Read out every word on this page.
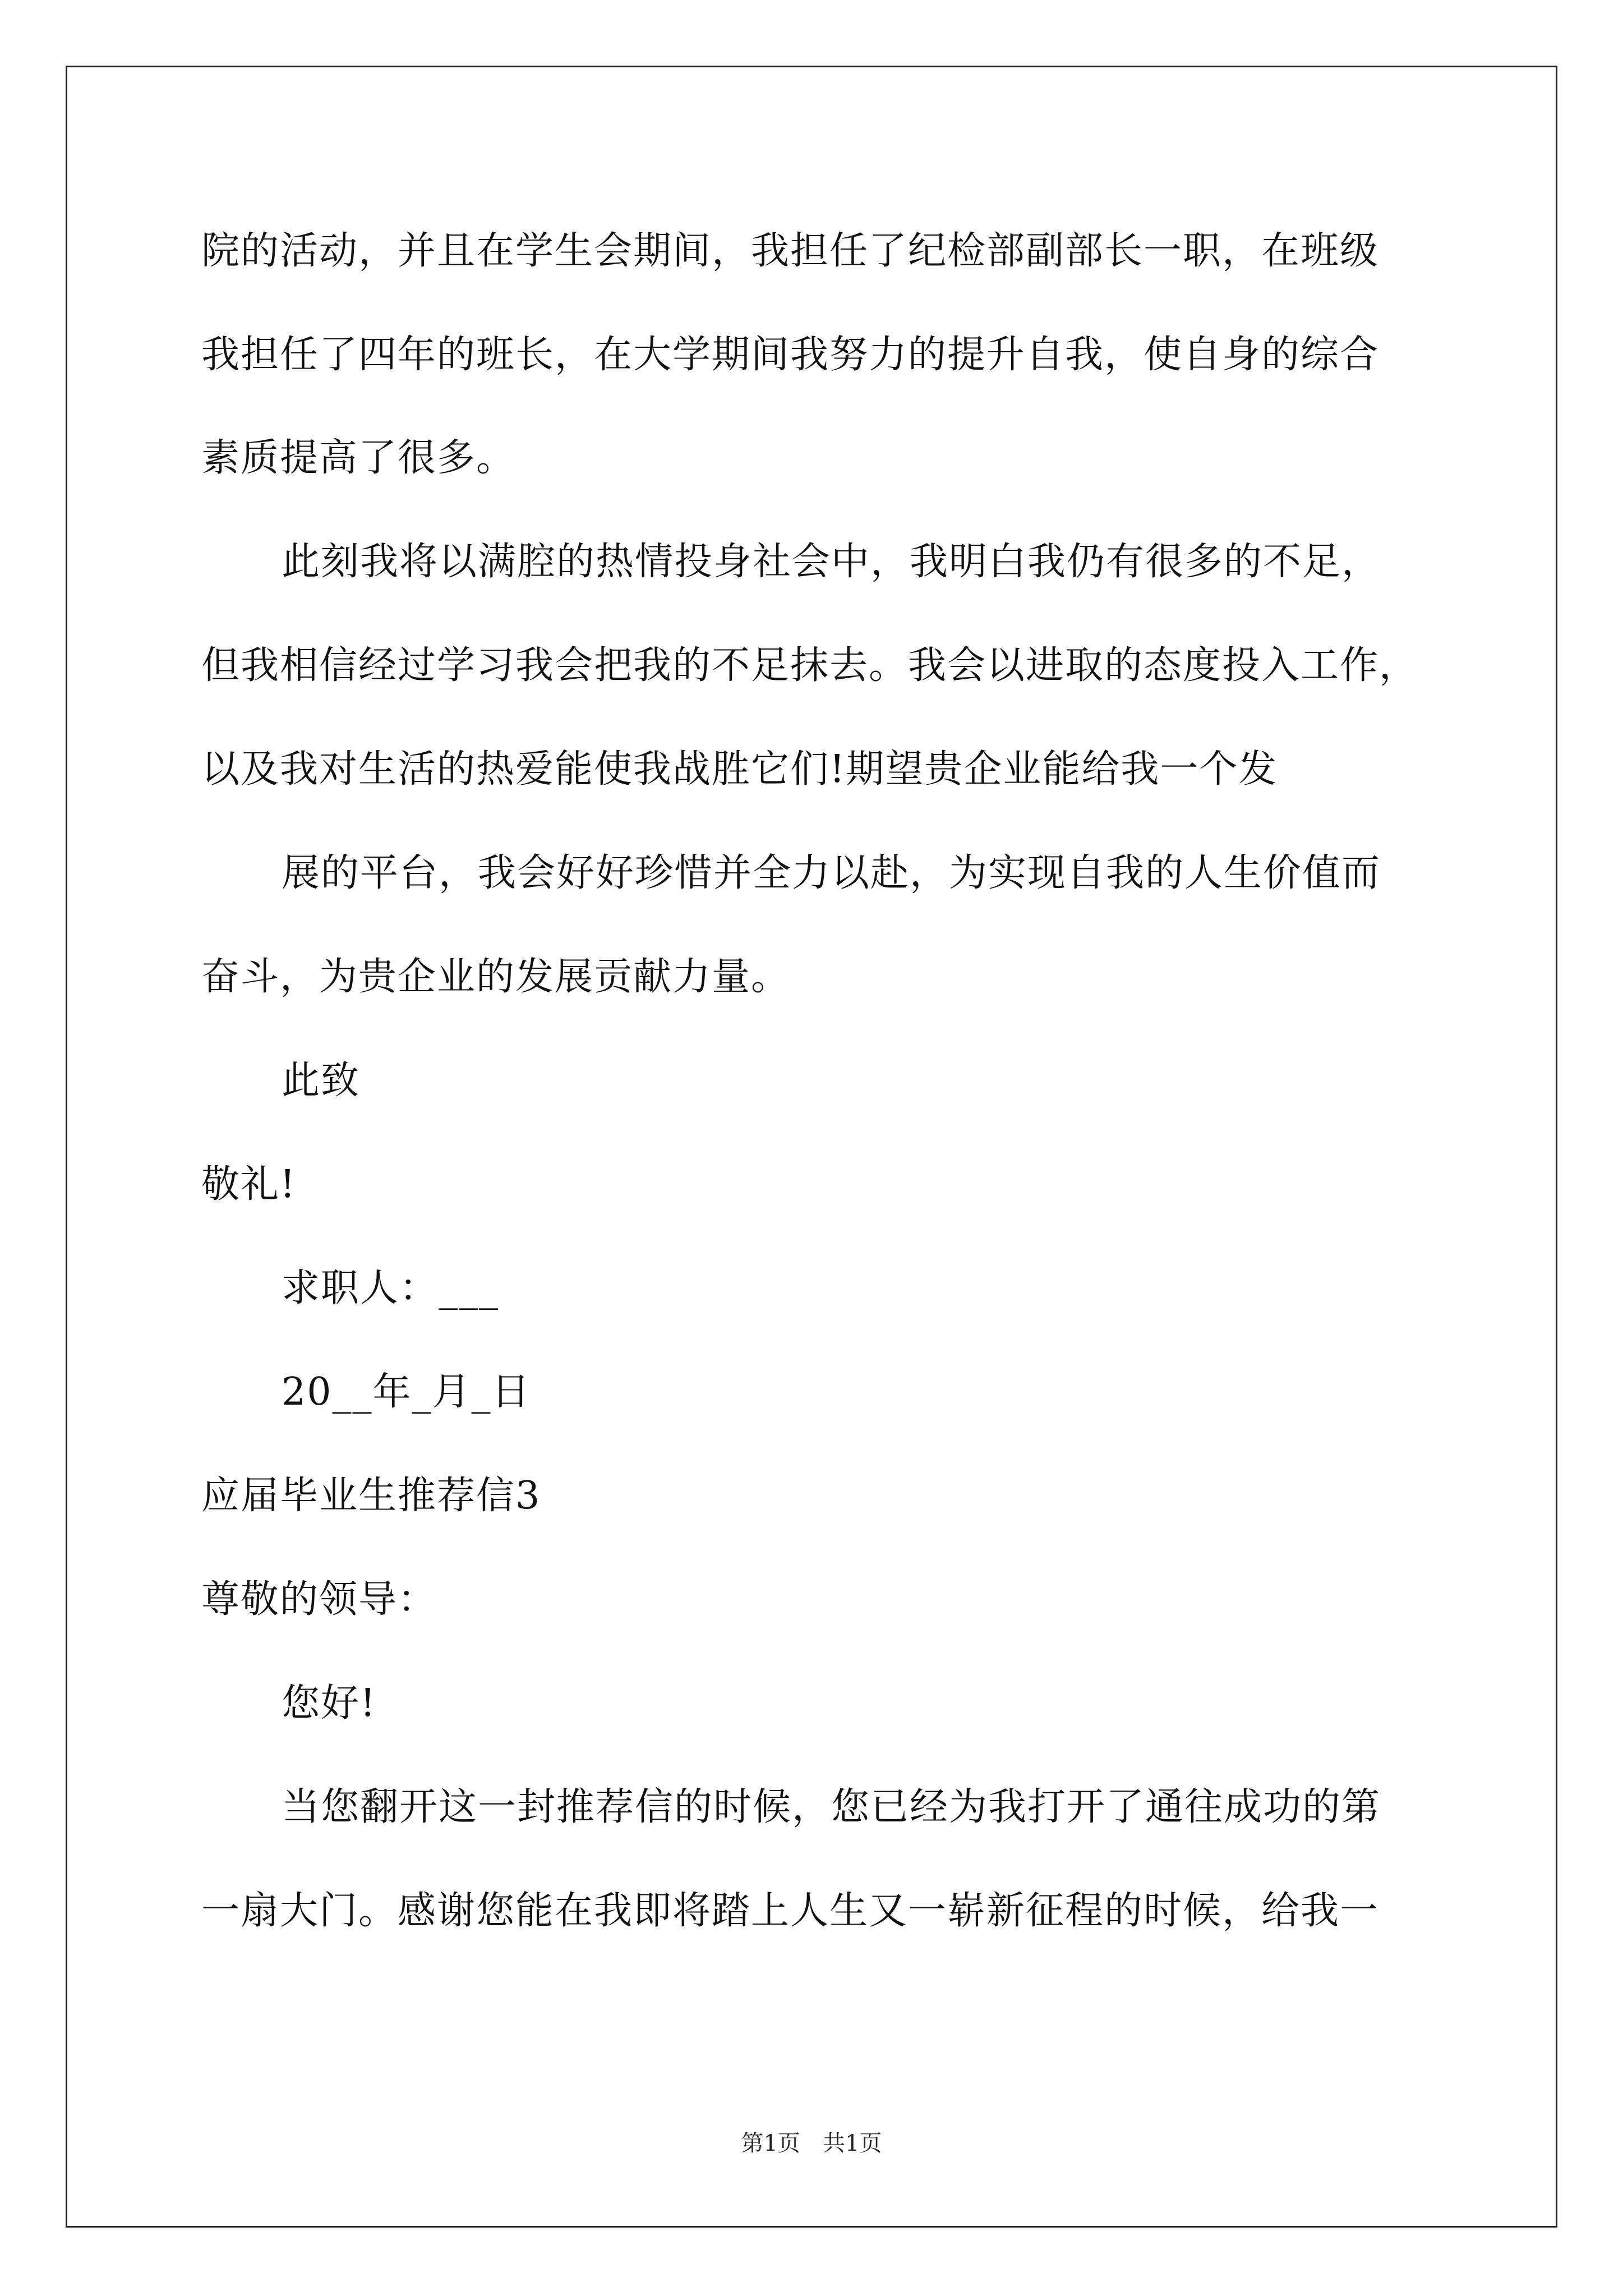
院的活动，并且在学生会期间，我担任了纪检部副部长一职，在班级
我担任了四年的班长，在大学期间我努力的提升自我，使自身的综合
素质提高了很多。
此刻我将以满腔的热情投身社会中，我明白我仍有很多的不足，
但我相信经过学习我会把我的不足抹去。我会以进取的态度投入工作，
以及我对生活的热爱能使我战胜它们!期望贵企业能给我一个发
展的平台，我会好好珍惜并全力以赴，为实现自我的人生价值而
奋斗，为贵企业的发展贡献力量。
此致
敬礼!
求职人：___
20__年_月_日
应届毕业生推荐信3
尊敬的领导：
您好!
当您翻开这一封推荐信的时候，您已经为我打开了通往成功的第
一扇大门。感谢您能在我即将踏上人生又一崭新征程的时候，给我一
第1页 共1页
